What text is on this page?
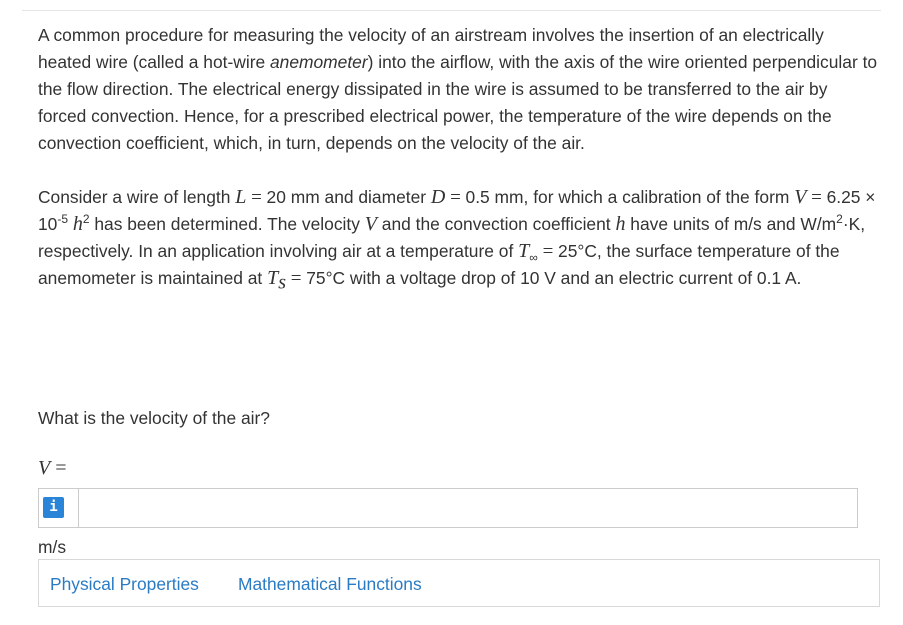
A common procedure for measuring the velocity of an airstream involves the insertion of an electrically heated wire (called a hot-wire anemometer) into the airflow, with the axis of the wire oriented perpendicular to the flow direction. The electrical energy dissipated in the wire is assumed to be transferred to the air by forced convection. Hence, for a prescribed electrical power, the temperature of the wire depends on the convection coefficient, which, in turn, depends on the velocity of the air.

Consider a wire of length L = 20 mm and diameter D = 0.5 mm, for which a calibration of the form $V = 6.25 \times 10^{-5}$ $h^2$ has been determined. The velocity V and the convection coefficient h have units of m/s and $W/m^2\cdot K$, respectively. In an application involving air at a temperature of $T_\infty = 25^\circ C$, the surface temperature of the anemometer is maintained at $T_s = 75^\circ C$ with a voltage drop of 10 V and an electric current of 0.1 A.

What is the velocity of the air?
V =
i
m/s
Physical Properties Mathematical Functions
